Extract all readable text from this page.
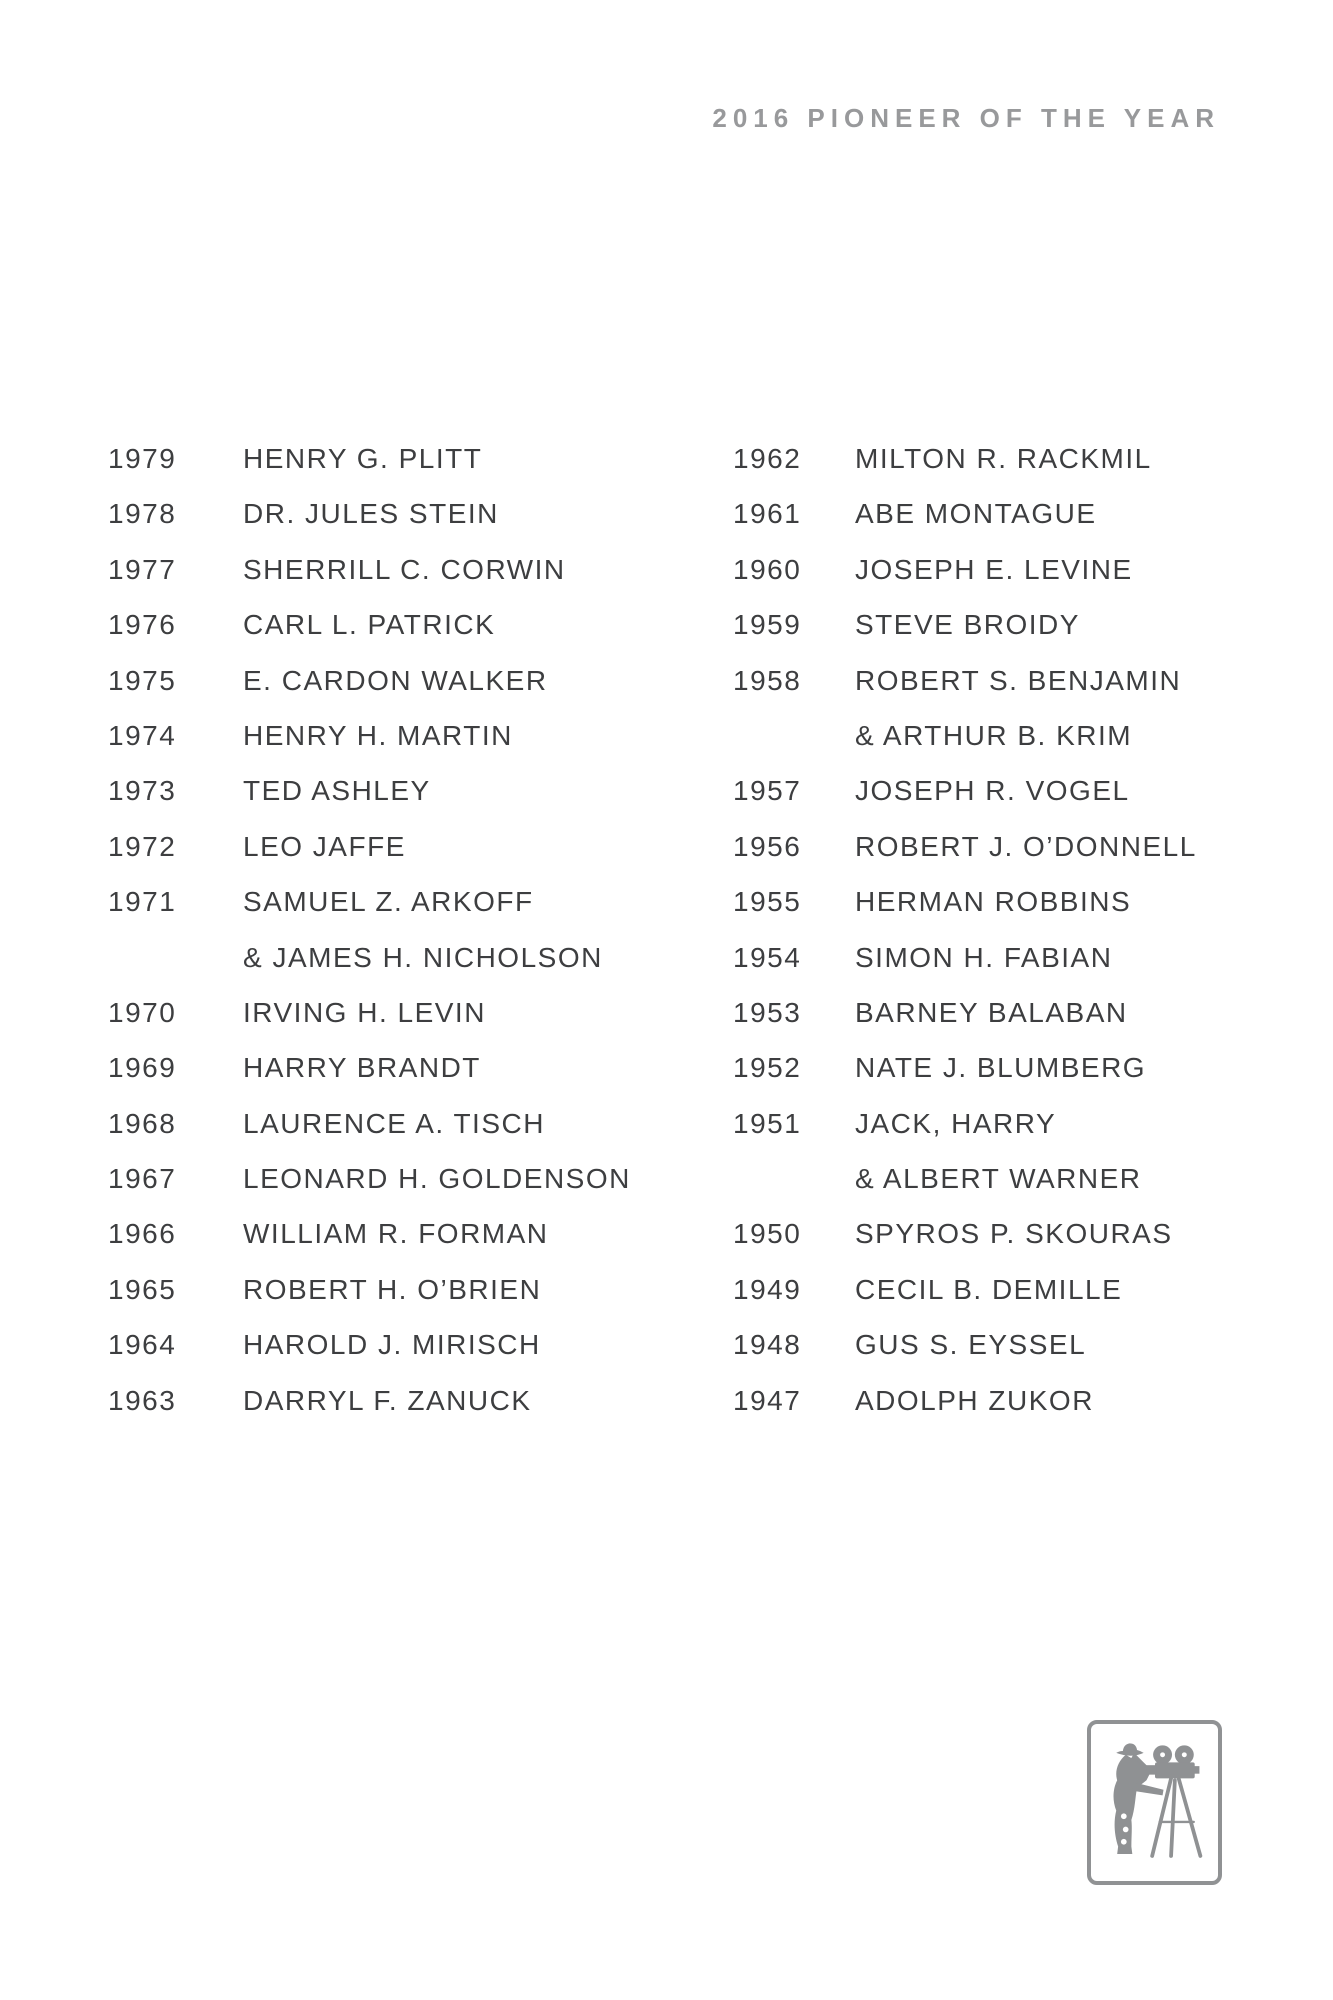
2016 PIONEER OF THE YEAR
1979	HENRY G. PLITT
1978	DR. JULES STEIN
1977	SHERRILL C. CORWIN
1976	CARL L. PATRICK
1975	E. CARDON WALKER
1974	HENRY H. MARTIN
1973	TED ASHLEY
1972	LEO JAFFE
1971	SAMUEL Z. ARKOFF
& JAMES H. NICHOLSON
1970	IRVING H. LEVIN
1969	HARRY BRANDT
1968	LAURENCE A. TISCH
1967	LEONARD H. GOLDENSON
1966	WILLIAM R. FORMAN
1965	ROBERT H. O’BRIEN
1964	HAROLD J. MIRISCH
1963	DARRYL F. ZANUCK
1962	MILTON R. RACKMIL
1961	ABE MONTAGUE
1960	JOSEPH E. LEVINE
1959	STEVE BROIDY
1958	ROBERT S. BENJAMIN
& ARTHUR B. KRIM
1957	JOSEPH R. VOGEL
1956	ROBERT J. O’DONNELL
1955	HERMAN ROBBINS
1954	SIMON H. FABIAN
1953	BARNEY BALABAN
1952	NATE J. BLUMBERG
1951	JACK, HARRY
& ALBERT WARNER
1950	SPYROS P. SKOURAS
1949	CECIL B. DEMILLE
1948	GUS S. EYSSEL
1947	ADOLPH ZUKOR
